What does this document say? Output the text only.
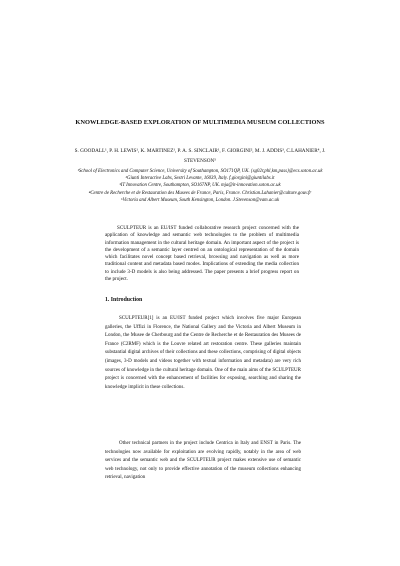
KNOWLEDGE-BASED EXPLORATION OF MULTIMEDIA MUSEUM COLLECTIONS
S. GOODALL¹, P. H. LEWIS¹, K. MARTINEZ¹, P. A. S. SINCLAIR¹, F. GIORGINI², M. J. ADDIS³, C.LAHANIER⁴, J. STEVENSON⁵
¹School of Electronics and Computer Science, University of Southampton, SO171QP, UK. {sg02r,phl,km,pass}@ecs.soton.ac.uk
²Giunti Interactive Labs, Sestri Levante, 16039, Italy. f.giorgini@giuntilabs.it
³IT Innovation Centre, Southampton, SO167NP, UK. mja@it-innovation.soton.ac.uk
⁴Centre de Recherche et de Restauration des Musees de France, Paris, France. Christian.Lahanier@culture.gouv.fr
⁵Victoria and Albert Museum, South Kensington, London. J.Stevenson@vam.ac.uk
SCULPTEUR is an EU/IST funded collaborative research project concerned with the application of knowledge and semantic web technologies to the problem of multimedia information management in the cultural heritage domain. An important aspect of the project is the development of a semantic layer centred on an ontological representation of the domain which facilitates novel concept based retrieval, browsing and navigation as well as more traditional content and metadata based modes. Implications of extending the media collection to include 3-D models is also being addressed. The paper presents a brief progress report on the project.
1. Introduction
SCULPTEUR[1] is an EU/IST funded project which involves five major European galleries, the Uffizi in Florence, the National Gallery and the Victoria and Albert Museum in London, the Musee de Cherbourg and the Centre de Recherche et de Restauration des Musees de France (C2RMF) which is the Louvre related art restoration centre. These galleries maintain substantial digital archives of their collections and these collections, comprising of digital objects (images, 3-D models and videos together with textual information and metadata) are very rich sources of knowledge in the cultural heritage domain. One of the main aims of the SCULPTEUR project is concerned with the enhancement of facilities for exposing, searching and sharing the knowledge implicit in these collections.
Other technical partners in the project include Centrica in Italy and ENST in Paris. The technologies now available for exploitation are evolving rapidly, notably in the area of web services and the semantic web and the SCULPTEUR project makes extensive use of semantic web technology, not only to provide effective annotation of the museum collections enhancing retrieval, navigation
